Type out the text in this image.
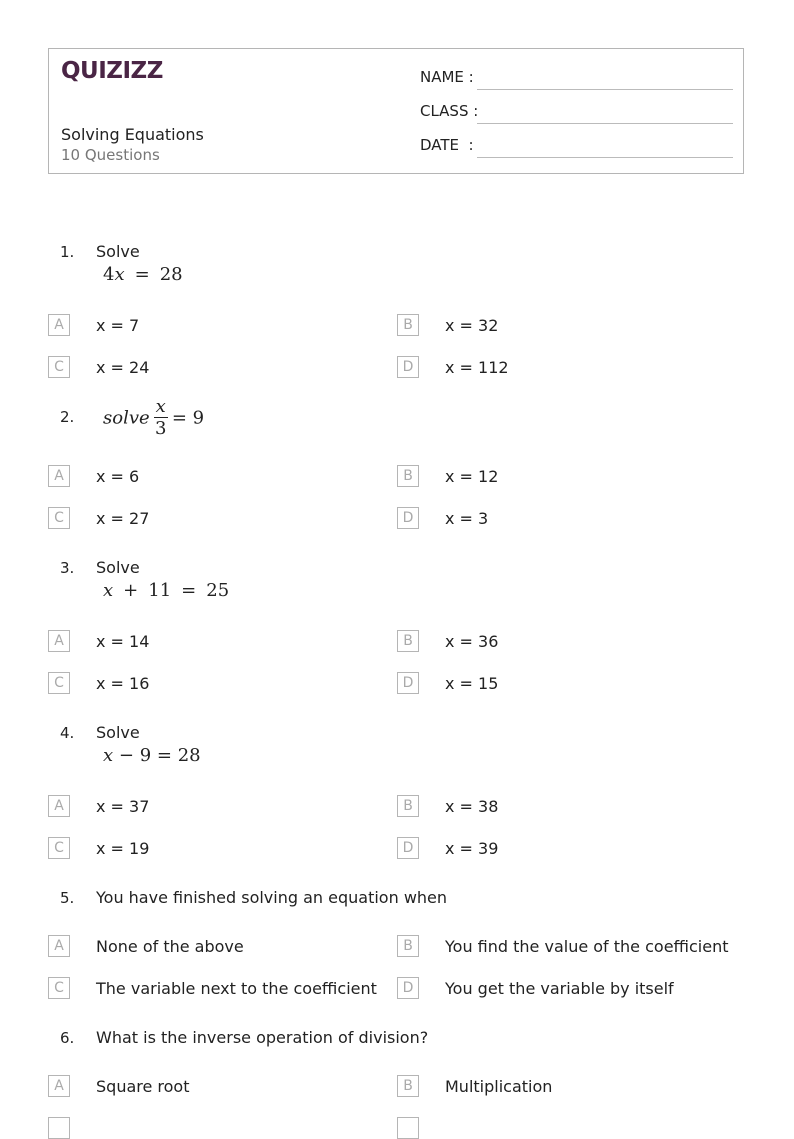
QUIZIZZ
Solving Equations
10 Questions
NAME :
CLASS :
DATE  :
1. Solve
4x = 28
A	x = 7	B	x = 32
C	x = 24	D	x = 112
2. solve $\frac{x}{3} = 9$
A	x = 6	B	x = 12
C	x = 27	D	x = 3
3. Solve
x + 11 = 25
A	x = 14	B	x = 36
C	x = 16	D	x = 15
4. Solve
x − 9 = 28
A	x = 37	B	x = 38
C	x = 19	D	x = 39
5. You have finished solving an equation when
A	None of the above	B	You find the value of the coefficient
C	The variable next to the coefficient	D	You get the variable by itself
6. What is the inverse operation of division?
A	Square root	B	Multiplication
